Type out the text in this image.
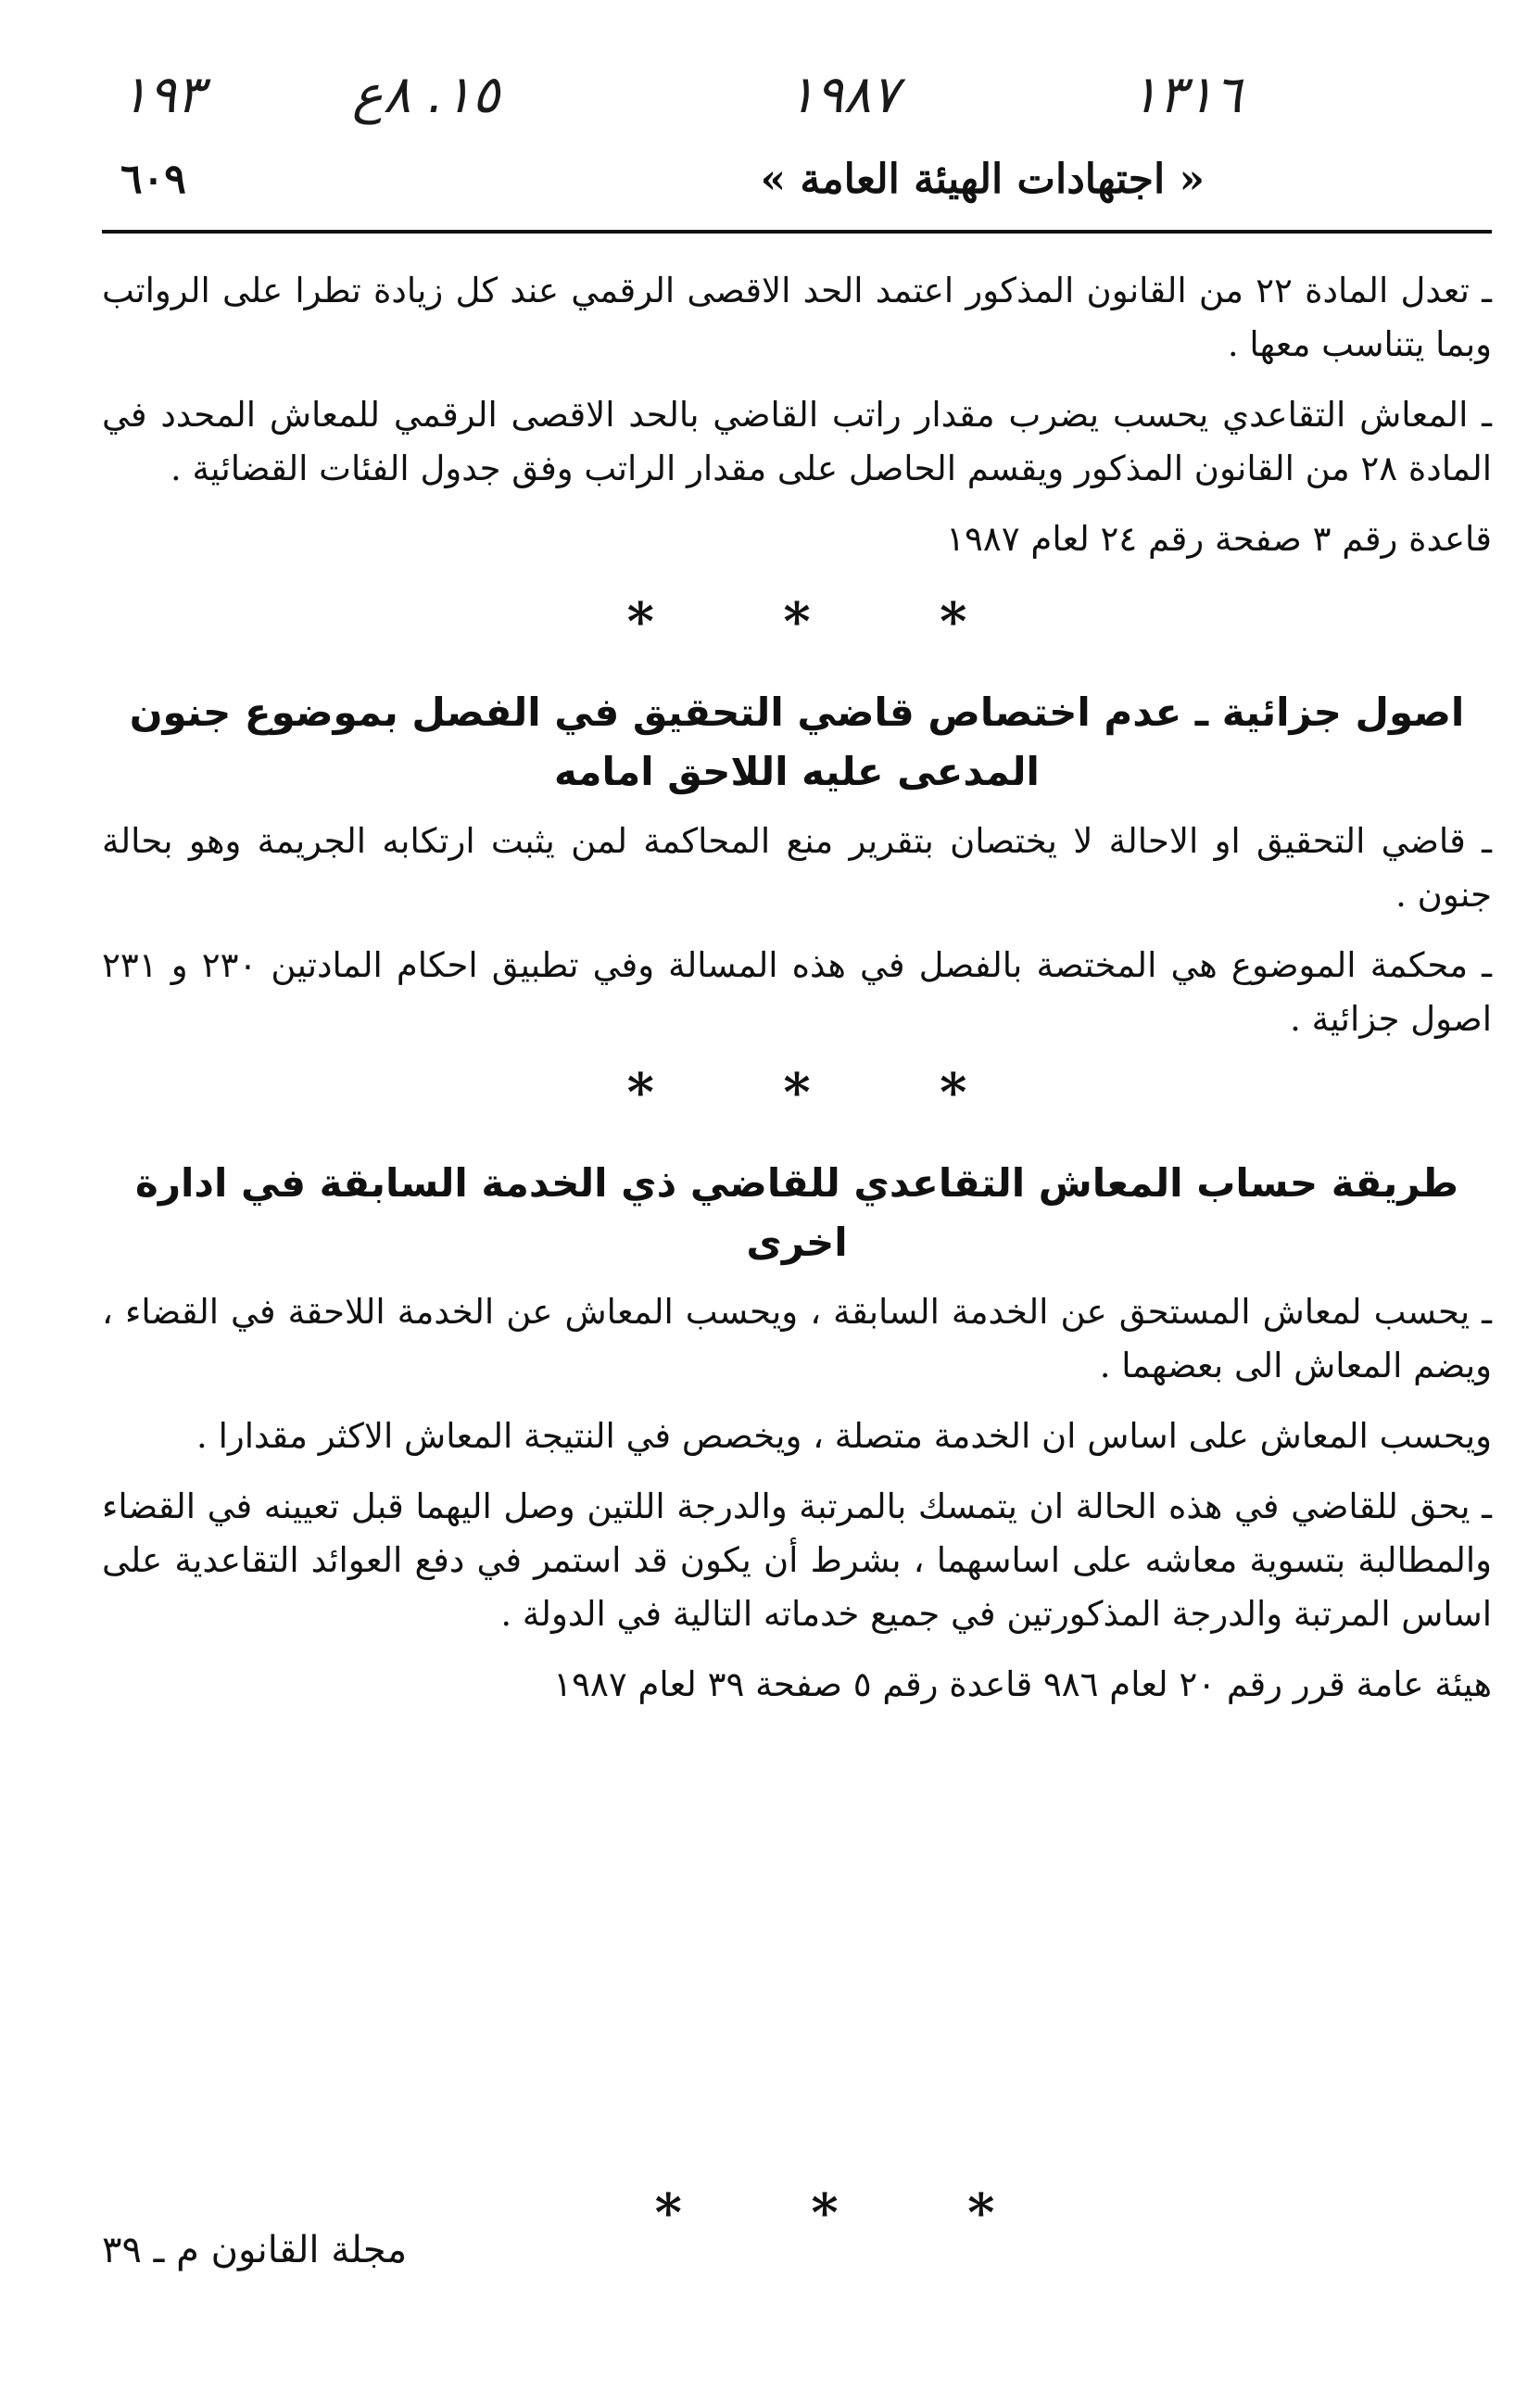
١٩٣	١٥. ٨ع	١٩٨٧	١٣١٦
« اجتهادات الهيئة العامة »
٦٠٩

ـ تعدل المادة ٢٢ من القانون المذكور اعتمد الحد الاقصى الرقمي عند كل زيادة تطرا على الرواتب وبما يتناسب معها .

ـ المعاش التقاعدي يحسب يضرب مقدار راتب القاضي بالحد الاقصى الرقمي للمعاش المحدد في المادة ٢٨ من القانون المذكور ويقسم الحاصل على مقدار الراتب وفق جدول الفئات القضائية .

قاعدة رقم ٣ صفحة رقم ٢٤ لعام ١٩٨٧

* * *
اصول جزائية ـ عدم اختصاص قاضي التحقيق في الفصل بموضوع جنون
المدعى عليه اللاحق امامه

ـ قاضي التحقيق او الاحالة لا يختصان بتقرير منع المحاكمة لمن يثبت ارتكابه الجريمة وهو بحالة جنون .

ـ محكمة الموضوع هي المختصة بالفصل في هذه المسالة وفي تطبيق احكام المادتين ٢٣٠ و ٢٣١ اصول جزائية .

* * *
طريقة حساب المعاش التقاعدي للقاضي ذي الخدمة السابقة في ادارة اخرى

ـ يحسب لمعاش المستحق عن الخدمة السابقة ، ويحسب المعاش عن الخدمة اللاحقة في القضاء ، ويضم المعاش الى بعضهما .

ويحسب المعاش على اساس ان الخدمة متصلة ، ويخصص في النتيجة المعاش الاكثر مقدارا .

ـ يحق للقاضي في هذه الحالة ان يتمسك بالمرتبة والدرجة اللتين وصل اليهما قبل تعيينه في القضاء والمطالبة بتسوية معاشه على اساسهما ، بشرط أن يكون قد استمر في دفع العوائد التقاعدية على اساس المرتبة والدرجة المذكورتين في جميع خدماته التالية في الدولة .

هيئة عامة قرر رقم ٢٠ لعام ٩٨٦ قاعدة رقم ٥ صفحة ٣٩ لعام ١٩٨٧

* * *
مجلة القانون م ـ ٣٩
